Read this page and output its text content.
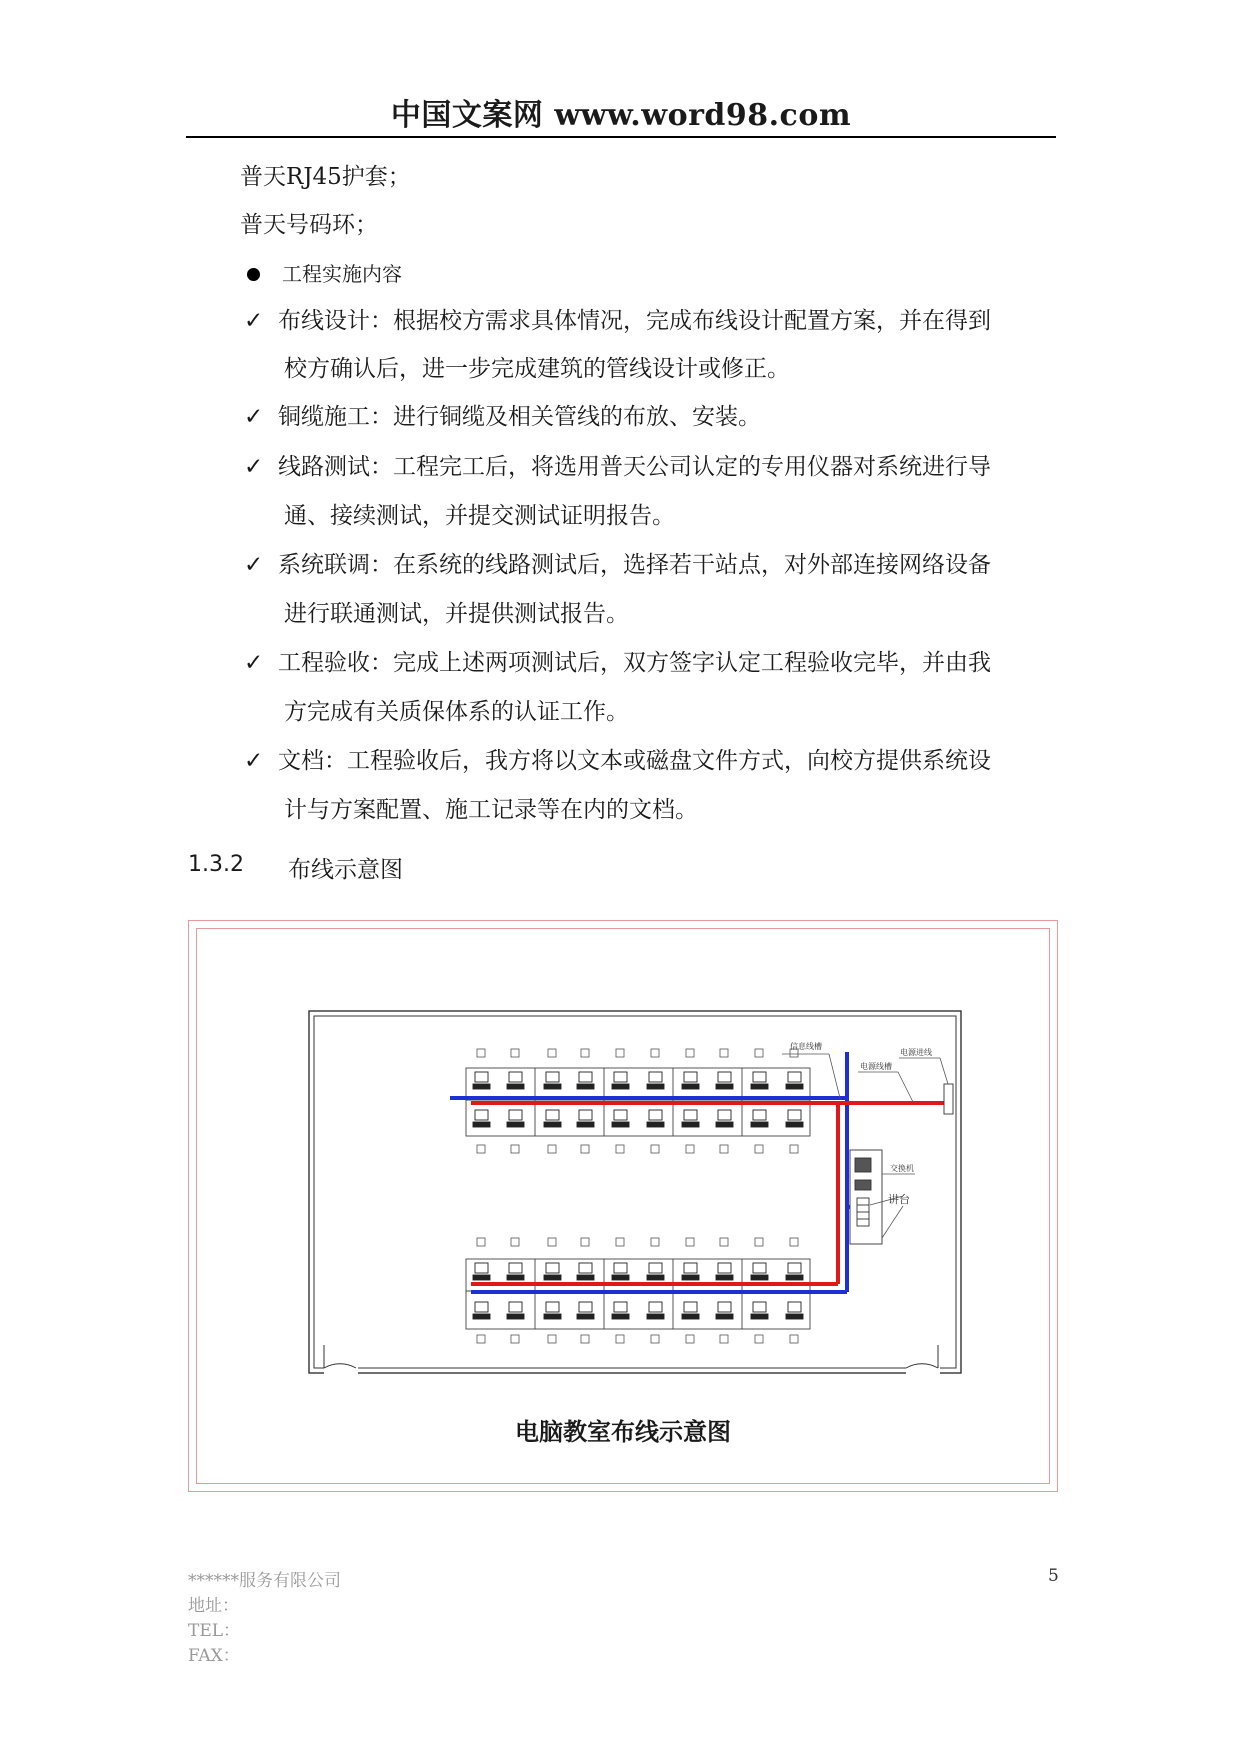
中国文案网 www.word98.com
普天RJ45护套；
普天号码环；
工程实施内容
✓ 布线设计：根据校方需求具体情况，完成布线设计配置方案，并在得到
校方确认后，进一步完成建筑的管线设计或修正。
✓ 铜缆施工：进行铜缆及相关管线的布放、安装。
✓ 线路测试：工程完工后，将选用普天公司认定的专用仪器对系统进行导
通、接续测试，并提交测试证明报告。
✓ 系统联调：在系统的线路测试后，选择若干站点，对外部连接网络设备
进行联通测试，并提供测试报告。
✓ 工程验收：完成上述两项测试后，双方签字认定工程验收完毕，并由我
方完成有关质保体系的认证工作。
✓ 文档：工程验收后，我方将以文本或磁盘文件方式，向校方提供系统设
计与方案配置、施工记录等在内的文档。
1.3.2 布线示意图
信息线槽
电源线槽
电源进线
交换机
讲台
电脑教室布线示意图
******服务有限公司
地址：
TEL：
FAX：
5
